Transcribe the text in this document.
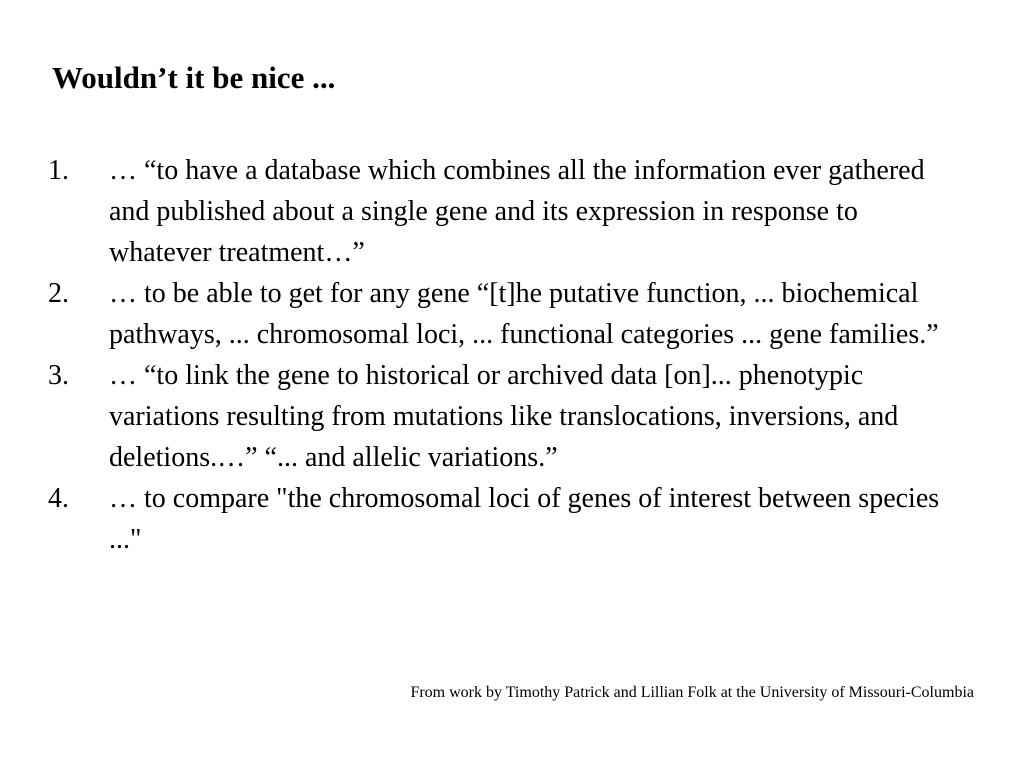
Wouldn’t it be nice ...
1. … “to have a database which combines all the information ever gathered and published about a single gene and its expression in response to whatever treatment…”
2. … to be able to get for any gene “[t]he putative function, ... biochemical pathways, ... chromosomal loci, ... functional categories ... gene families.”
3. … “to link the gene to historical or archived data [on]... phenotypic variations resulting from mutations like translocations, inversions, and deletions.…” “... and allelic variations.”
4. … to compare "the chromosomal loci of genes of interest between species ..."

From work by Timothy Patrick and Lillian Folk at the University of Missouri-Columbia
